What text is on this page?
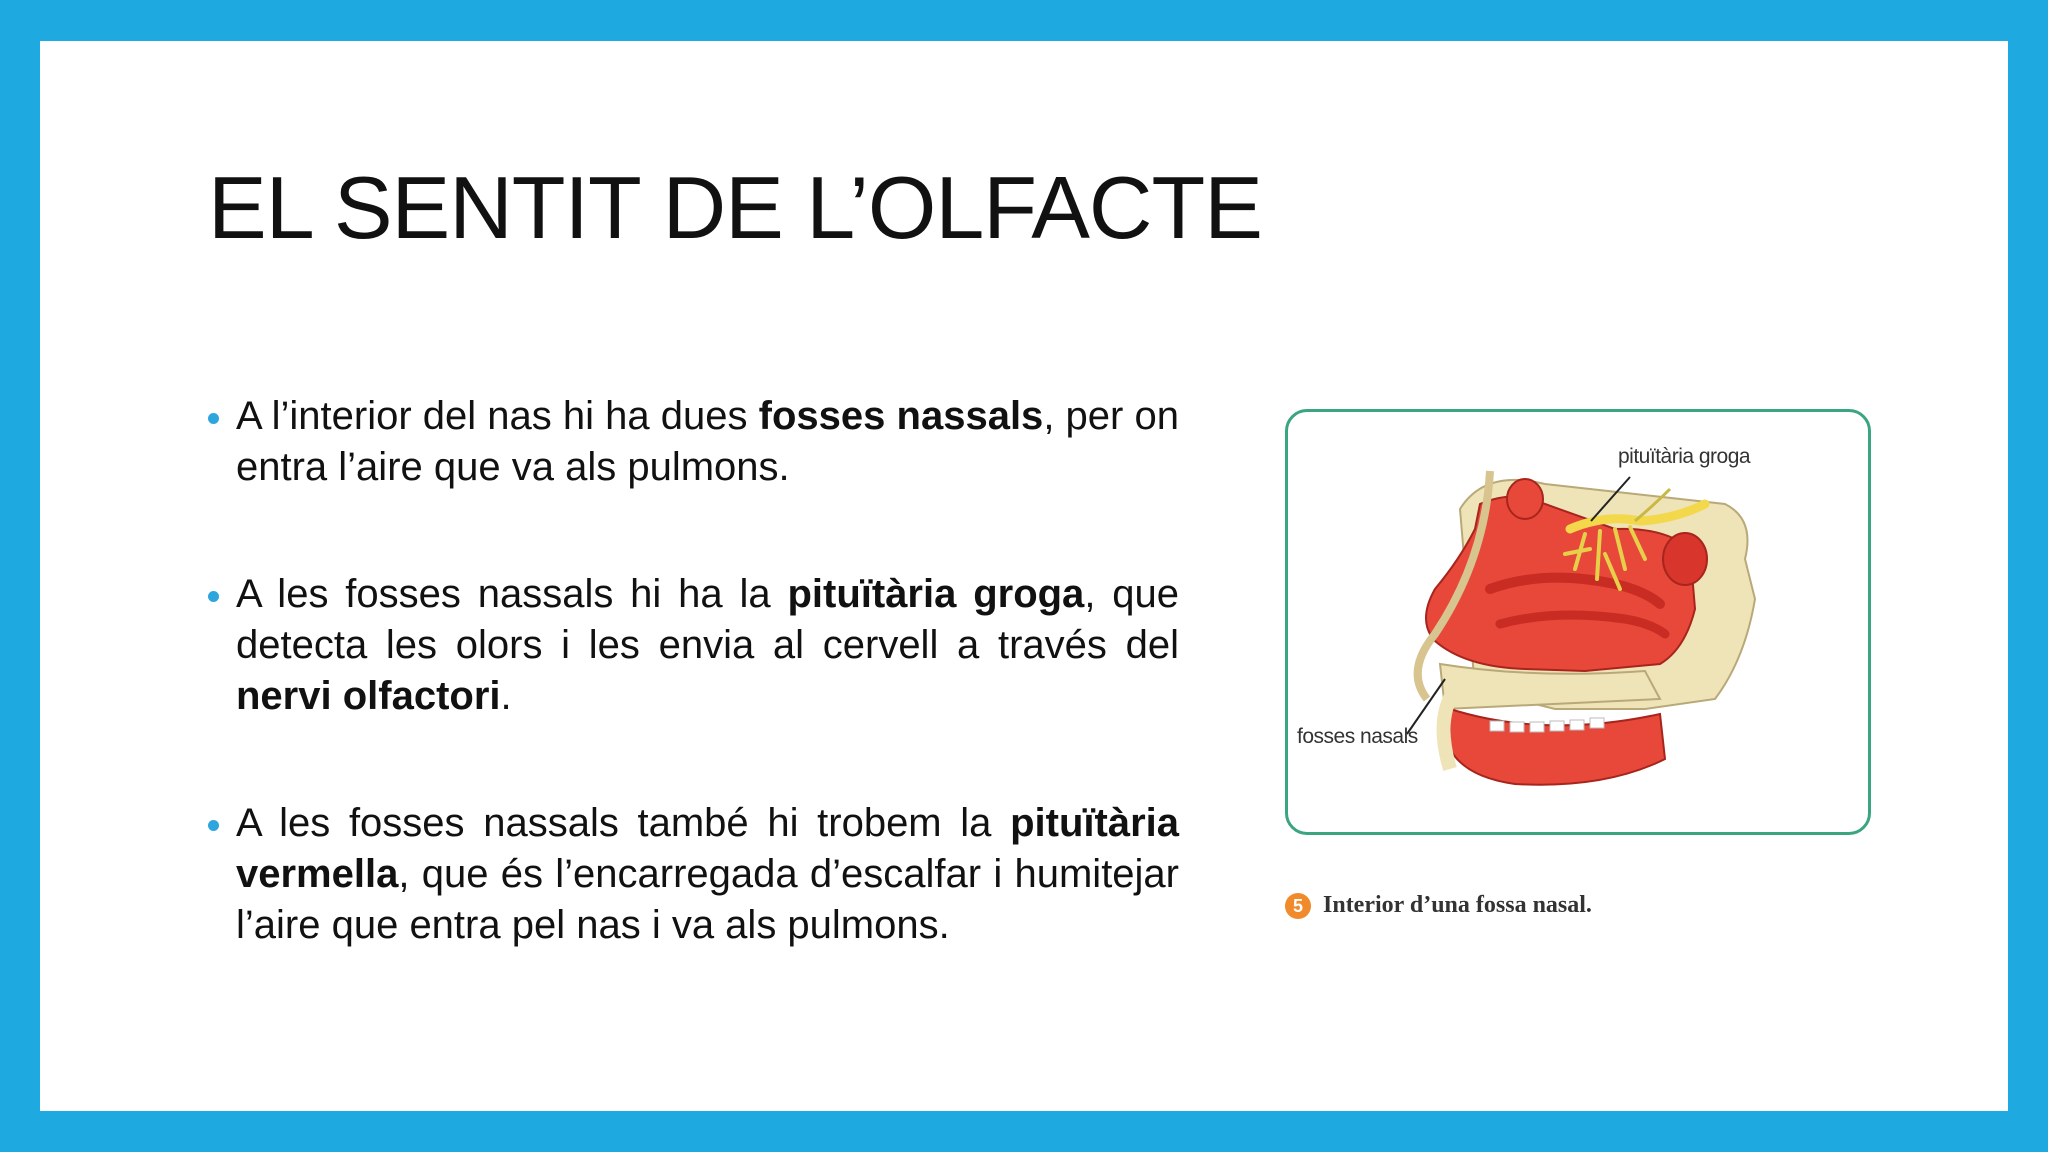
EL SENTIT DE L’OLFACTE
A l’interior del nas hi ha dues fosses nassals, per on entra l’aire que va als pulmons.
A les fosses nassals hi ha la pituïtària groga, que detecta les olors i les envia al cervell a través del nervi olfactori.
A les fosses nassals també hi trobem la pituïtària vermella, que és l’encarregada d’escalfar i humitejar l’aire que entra pel nas i va als pulmons.
pituïtària groga
fosses nasals
5 Interior d’una fossa nasal.
